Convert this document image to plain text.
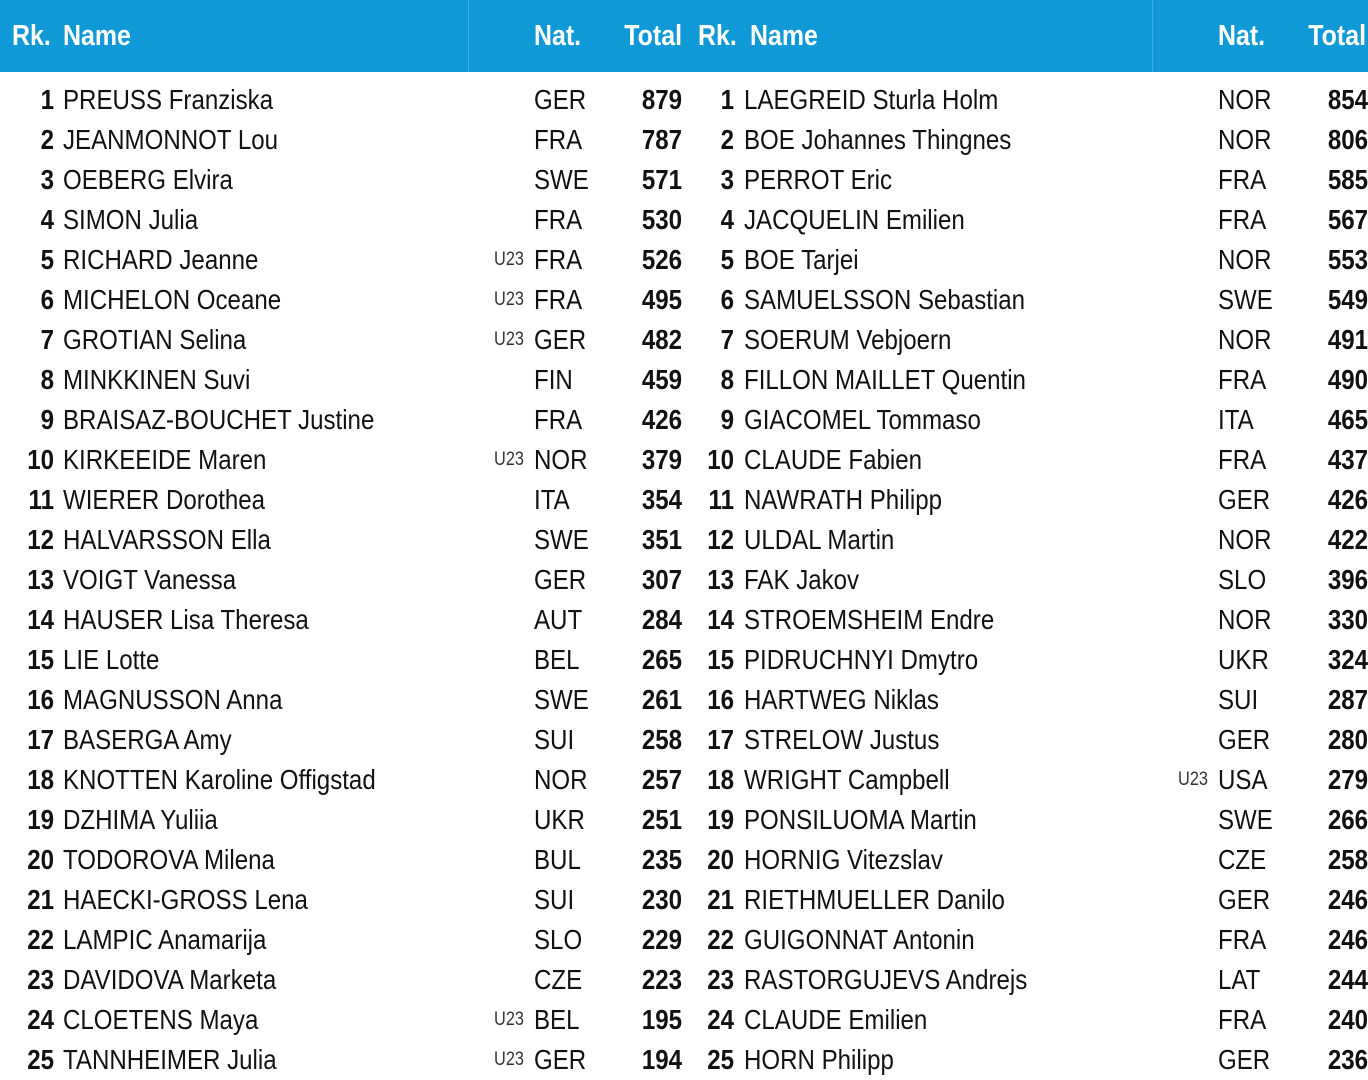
Rk. Name	Nat.	Total
1 PREUSS Franziska	GER	879
2 JEANMONNOT Lou	FRA	787
3 OEBERG Elvira	SWE	571
4 SIMON Julia	FRA	530
5 RICHARD Jeanne	U23 FRA	526
6 MICHELON Oceane	U23 FRA	495
7 GROTIAN Selina	U23 GER	482
8 MINKKINEN Suvi	FIN	459
9 BRAISAZ-BOUCHET Justine	FRA	426
10 KIRKEEIDE Maren	U23 NOR	379
11 WIERER Dorothea	ITA	354
12 HALVARSSON Ella	SWE	351
13 VOIGT Vanessa	GER	307
14 HAUSER Lisa Theresa	AUT	284
15 LIE Lotte	BEL	265
16 MAGNUSSON Anna	SWE	261
17 BASERGA Amy	SUI	258
18 KNOTTEN Karoline Offigstad	NOR	257
19 DZHIMA Yuliia	UKR	251
20 TODOROVA Milena	BUL	235
21 HAECKI-GROSS Lena	SUI	230
22 LAMPIC Anamarija	SLO	229
23 DAVIDOVA Marketa	CZE	223
24 CLOETENS Maya	U23 BEL	195
25 TANNHEIMER Julia	U23 GER	194
Rk. Name	Nat.	Total
1 LAEGREID Sturla Holm	NOR	854
2 BOE Johannes Thingnes	NOR	806
3 PERROT Eric	FRA	585
4 JACQUELIN Emilien	FRA	567
5 BOE Tarjei	NOR	553
6 SAMUELSSON Sebastian	SWE	549
7 SOERUM Vebjoern	NOR	491
8 FILLON MAILLET Quentin	FRA	490
9 GIACOMEL Tommaso	ITA	465
10 CLAUDE Fabien	FRA	437
11 NAWRATH Philipp	GER	426
12 ULDAL Martin	NOR	422
13 FAK Jakov	SLO	396
14 STROEMSHEIM Endre	NOR	330
15 PIDRUCHNYI Dmytro	UKR	324
16 HARTWEG Niklas	SUI	287
17 STRELOW Justus	GER	280
18 WRIGHT Campbell	U23 USA	279
19 PONSILUOMA Martin	SWE	266
20 HORNIG Vitezslav	CZE	258
21 RIETHMUELLER Danilo	GER	246
22 GUIGONNAT Antonin	FRA	246
23 RASTORGUJEVS Andrejs	LAT	244
24 CLAUDE Emilien	FRA	240
25 HORN Philipp	GER	236
